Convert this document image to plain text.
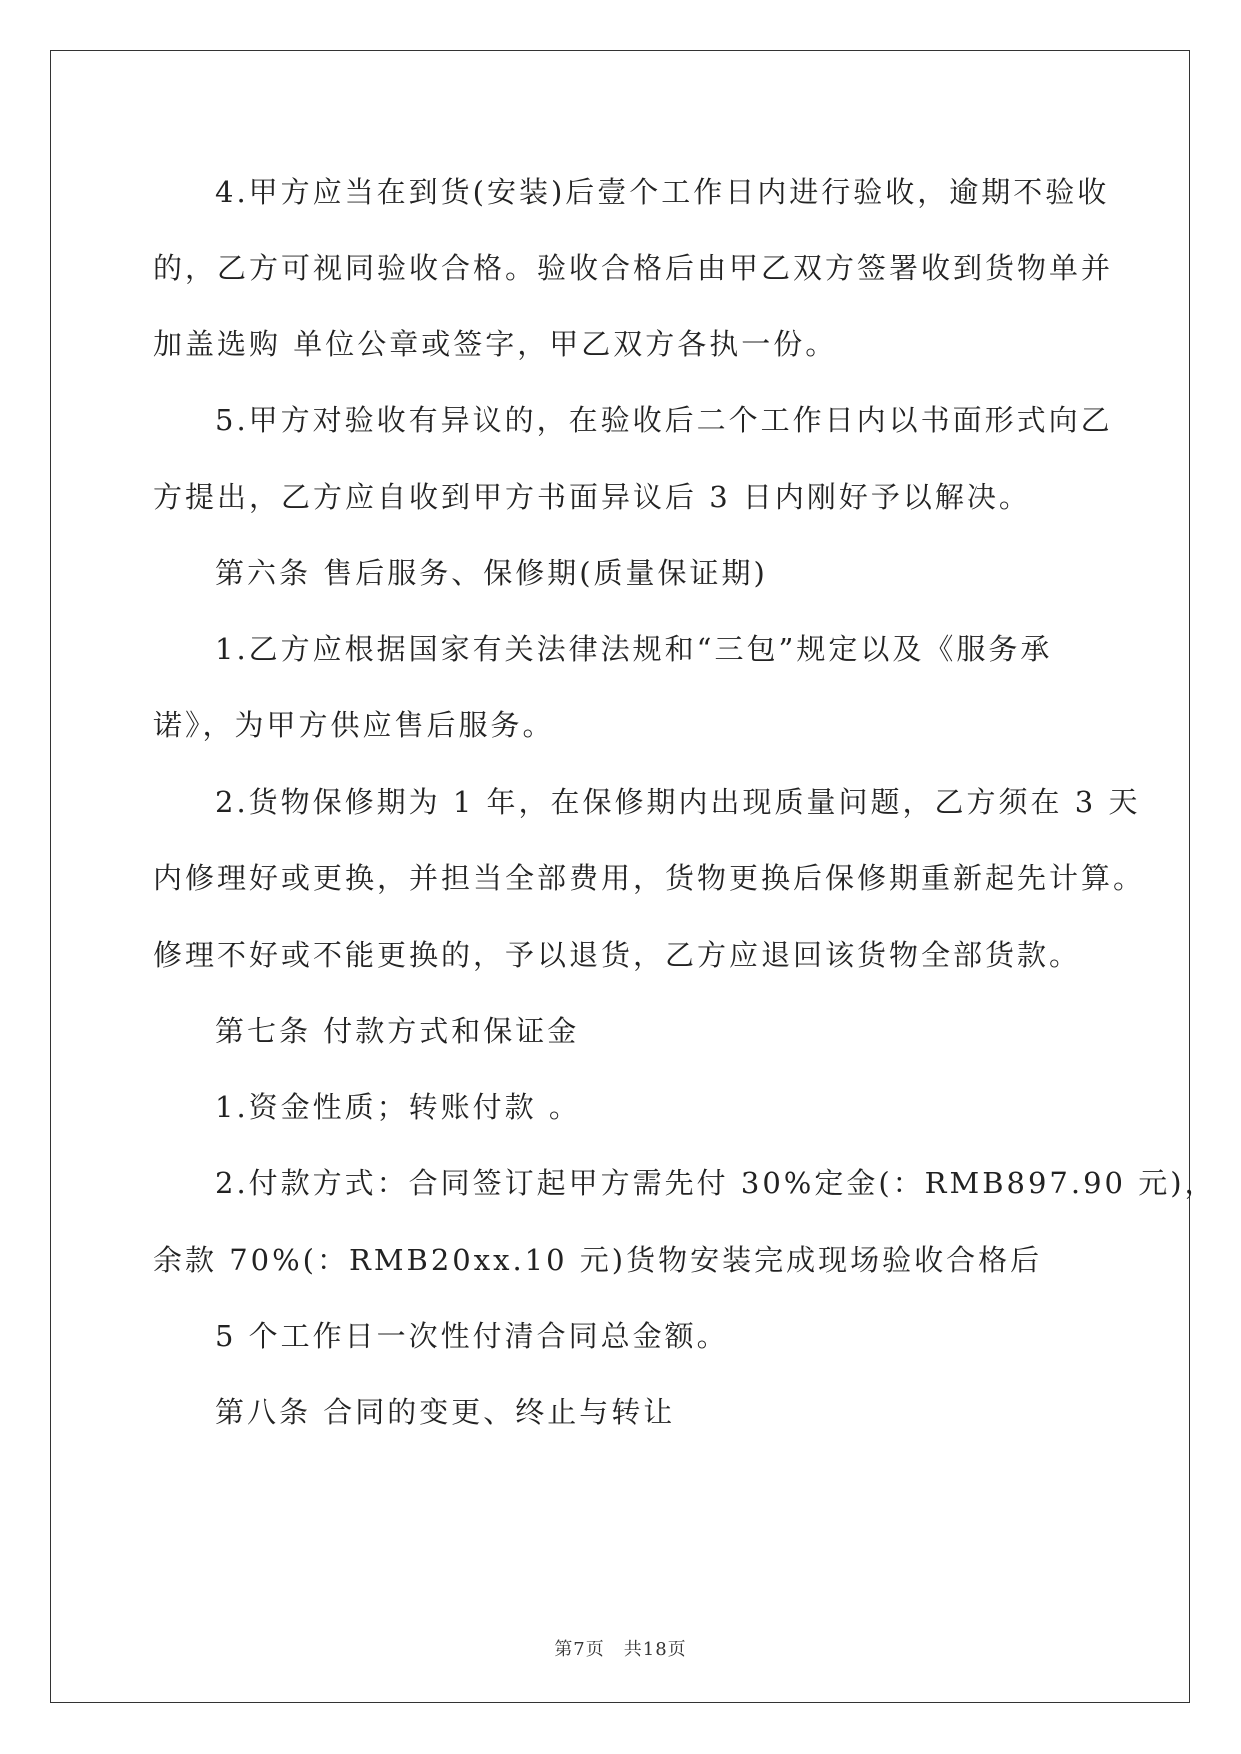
4.甲方应当在到货(安装)后壹个工作日内进行验收，逾期不验收
的，乙方可视同验收合格。验收合格后由甲乙双方签署收到货物单并
加盖选购 单位公章或签字，甲乙双方各执一份。
5.甲方对验收有异议的，在验收后二个工作日内以书面形式向乙
方提出，乙方应自收到甲方书面异议后 3 日内刚好予以解决。
第六条 售后服务、保修期(质量保证期)
1.乙方应根据国家有关法律法规和“三包”规定以及《服务承
诺》，为甲方供应售后服务。
2.货物保修期为 1 年，在保修期内出现质量问题，乙方须在 3 天
内修理好或更换，并担当全部费用，货物更换后保修期重新起先计算。
修理不好或不能更换的，予以退货，乙方应退回该货物全部货款。
第七条 付款方式和保证金
1.资金性质；转账付款 。
2.付款方式：合同签订起甲方需先付 30%定金(：RMB897.90 元)，
余款 70%(：RMB20xx.10 元)货物安装完成现场验收合格后
5 个工作日一次性付清合同总金额。
第八条 合同的变更、终止与转让
第7页　共18页
